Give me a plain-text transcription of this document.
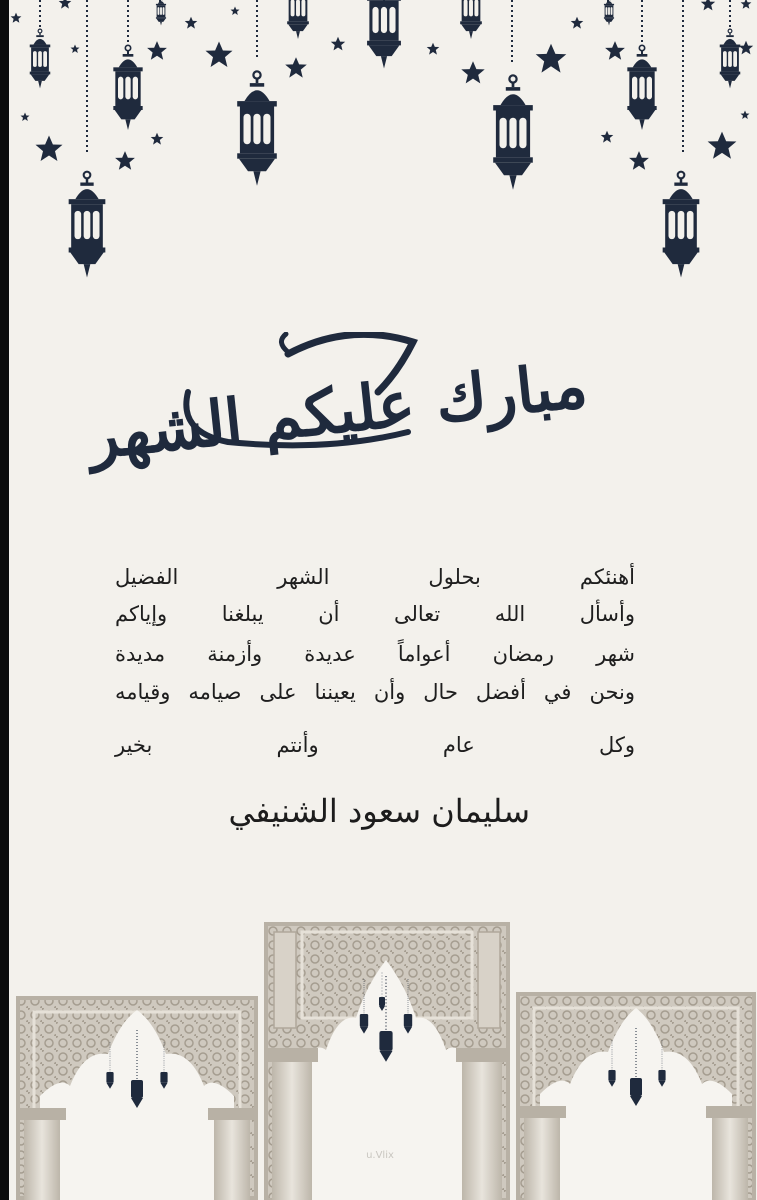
مبارك عليكم الشهر
أهنئكم بحلول الشهر الفضيل
وأسأل الله تعالى أن يبلغنا وإياكم
شهر رمضان أعواماً عديدة وأزمنة مديدة
ونحن في أفضل حال وأن يعيننا على صيامه وقيامه
وكل عام وأنتم بخير
سليمان سعود الشنيفي
u.Vlix
